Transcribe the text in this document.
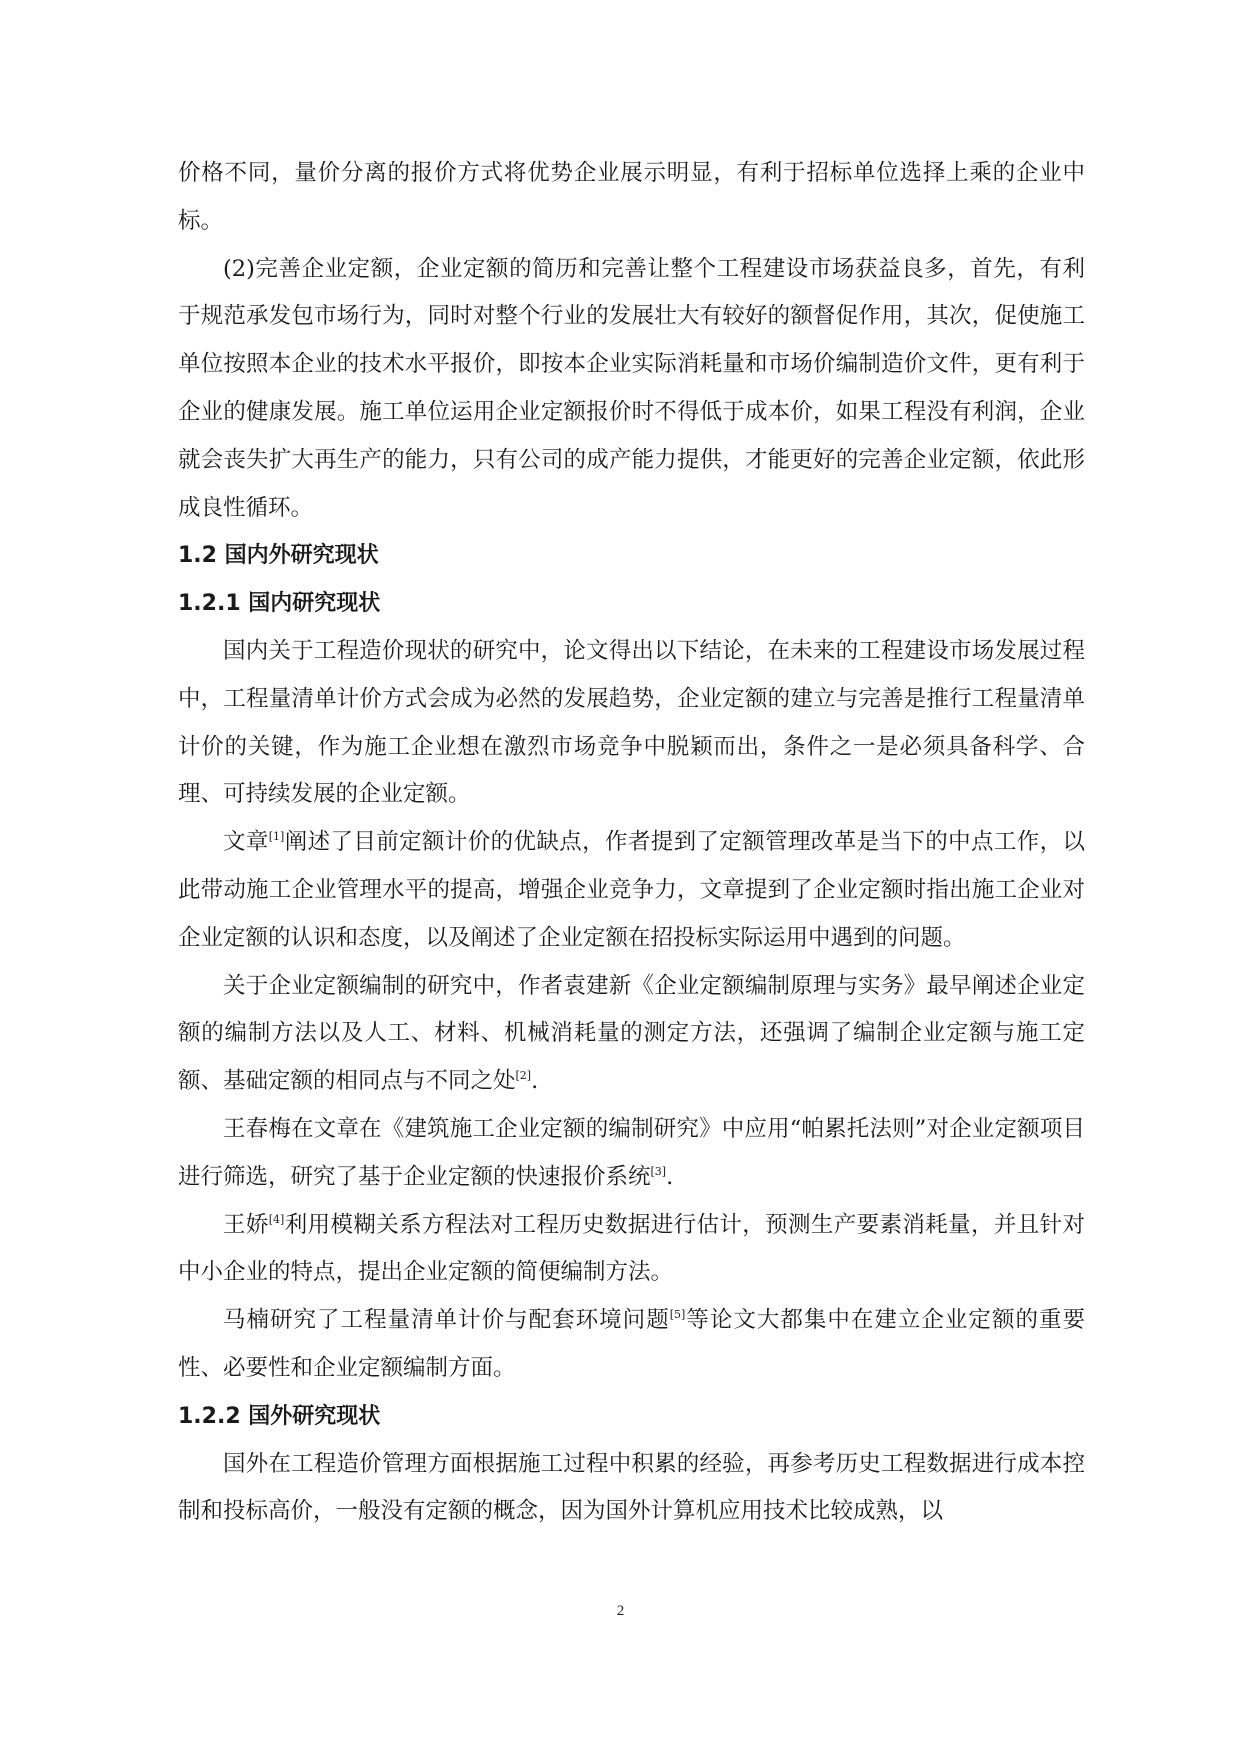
价格不同，量价分离的报价方式将优势企业展示明显，有利于招标单位选择上乘的企业中标。

(2)完善企业定额，企业定额的简历和完善让整个工程建设市场获益良多，首先，有利于规范承发包市场行为，同时对整个行业的发展壮大有较好的额督促作用，其次，促使施工单位按照本企业的技术水平报价，即按本企业实际消耗量和市场价编制造价文件，更有利于企业的健康发展。施工单位运用企业定额报价时不得低于成本价，如果工程没有利润，企业就会丧失扩大再生产的能力，只有公司的成产能力提供，才能更好的完善企业定额，依此形成良性循环。

1.2 国内外研究现状
1.2.1 国内研究现状

国内关于工程造价现状的研究中，论文得出以下结论，在未来的工程建设市场发展过程中，工程量清单计价方式会成为必然的发展趋势，企业定额的建立与完善是推行工程量清单计价的关键，作为施工企业想在激烈市场竞争中脱颖而出，条件之一是必须具备科学、合理、可持续发展的企业定额。

文章[1]阐述了目前定额计价的优缺点，作者提到了定额管理改革是当下的中点工作，以此带动施工企业管理水平的提高，增强企业竞争力，文章提到了企业定额时指出施工企业对企业定额的认识和态度，以及阐述了企业定额在招投标实际运用中遇到的问题。

关于企业定额编制的研究中，作者袁建新《企业定额编制原理与实务》最早阐述企业定额的编制方法以及人工、材料、机械消耗量的测定方法，还强调了编制企业定额与施工定额、基础定额的相同点与不同之处[2].

王春梅在文章在《建筑施工企业定额的编制研究》中应用“帕累托法则”对企业定额项目进行筛选，研究了基于企业定额的快速报价系统[3].

王娇[4]利用模糊关系方程法对工程历史数据进行估计，预测生产要素消耗量，并且针对中小企业的特点，提出企业定额的简便编制方法。

马楠研究了工程量清单计价与配套环境问题[5]等论文大都集中在建立企业定额的重要性、必要性和企业定额编制方面。

1.2.2 国外研究现状

国外在工程造价管理方面根据施工过程中积累的经验，再参考历史工程数据进行成本控制和投标高价，一般没有定额的概念，因为国外计算机应用技术比较成熟，以

2
